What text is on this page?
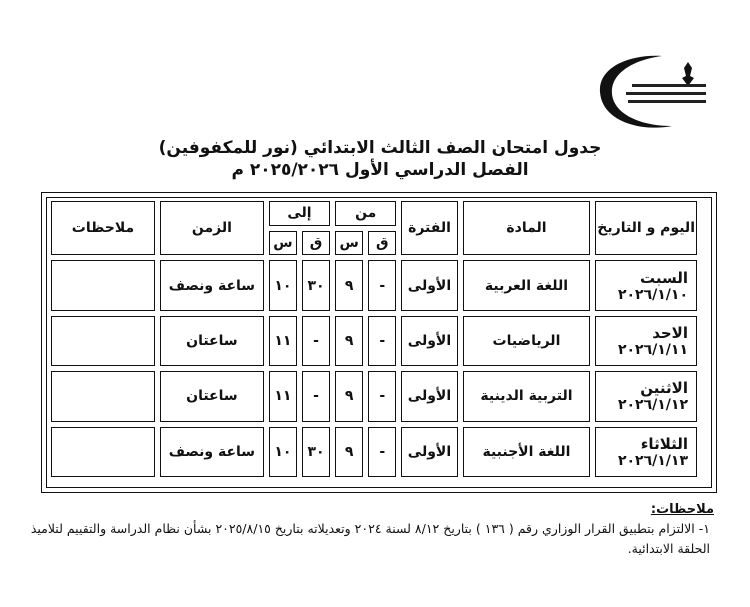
جدول امتحان الصف الثالث الابتدائي (نور للمكفوفين)
الفصل الدراسي الأول ٢٠٢٥/٢٠٢٦ م
اليوم و التاريخ	المادة	الفترة	من		إلى		الزمن	ملاحظات
			ق	س	ق	س		

السبت
٢٠٢٦/١/١٠	اللغة العربية	الأولى	-	٩	٣٠	١٠	ساعة ونصف	

الاحد
٢٠٢٦/١/١١	الرياضيات	الأولى	-	٩	-	١١	ساعتان	

الاثنين
٢٠٢٦/١/١٢	التربية الدينية	الأولى	-	٩	-	١١	ساعتان	

الثلاثاء
٢٠٢٦/١/١٣	اللغة الأجنبية	الأولى	-	٩	٣٠	١٠	ساعة ونصف	
ملاحظات:
١- الالتزام بتطبيق القرار الوزاري رقم ( ١٣٦ ) بتاريخ ٨/١٢ لسنة ٢٠٢٤ وتعديلاته بتاريخ ٢٠٢٥/٨/١٥ بشأن نظام الدراسة والتقييم لتلاميذ الحلقة الابتدائية.
